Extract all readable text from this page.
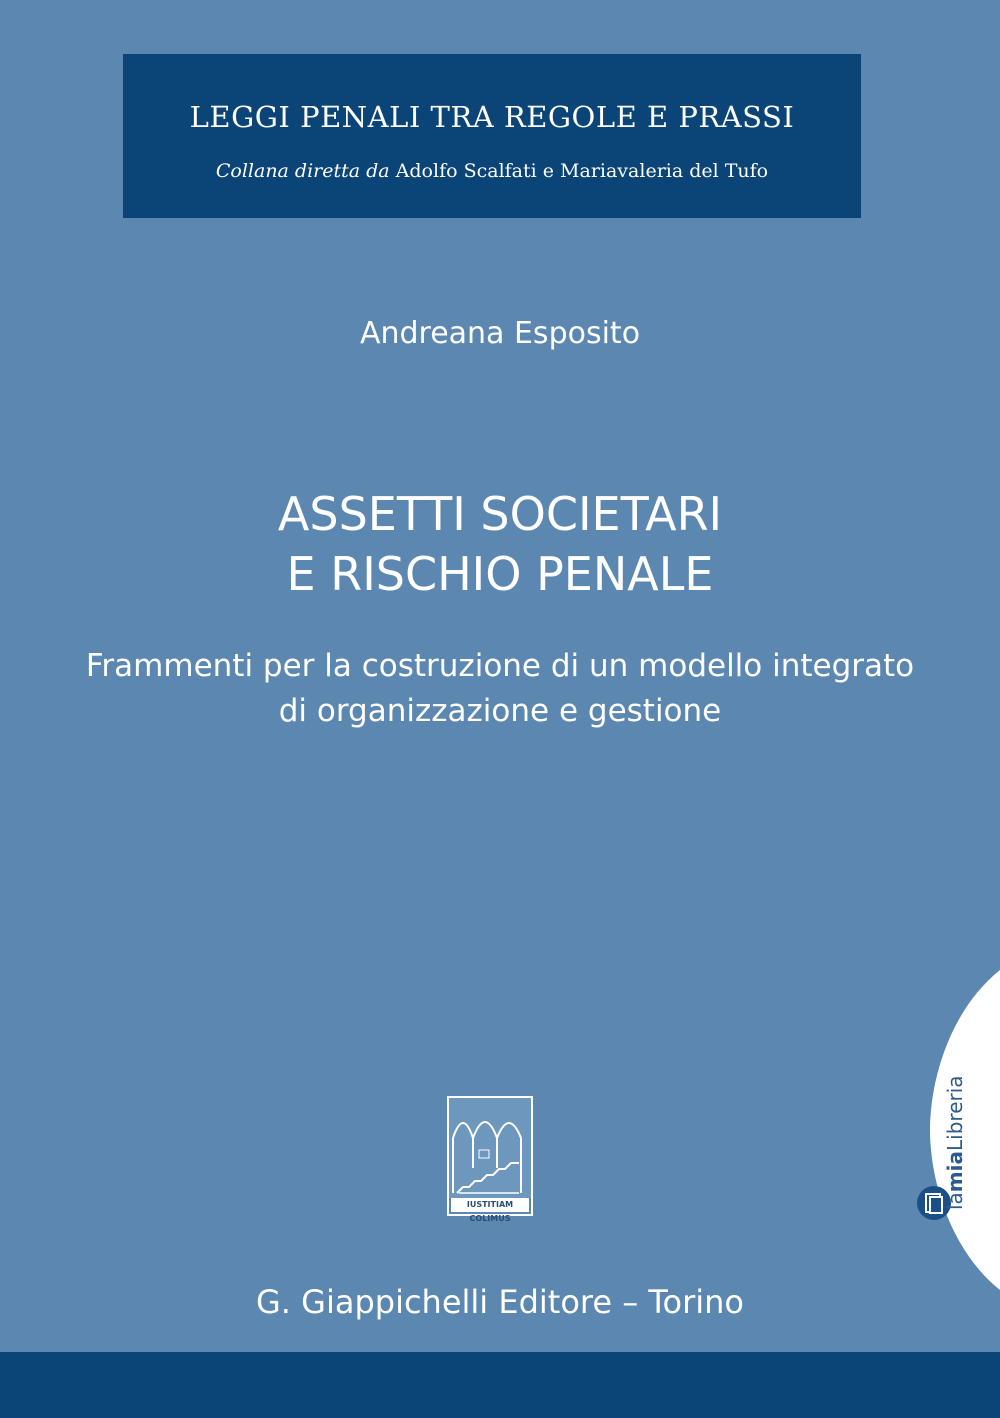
LEGGI PENALI TRA REGOLE E PRASSI
Collana diretta da Adolfo Scalfati e Mariavaleria del Tufo
Andreana Esposito
ASSETTI SOCIETARI
E RISCHIO PENALE
Frammenti per la costruzione di un modello integrato
di organizzazione e gestione
IUSTITIAM COLIMUS
G. Giappichelli Editore – Torino
lamiaLibreria
